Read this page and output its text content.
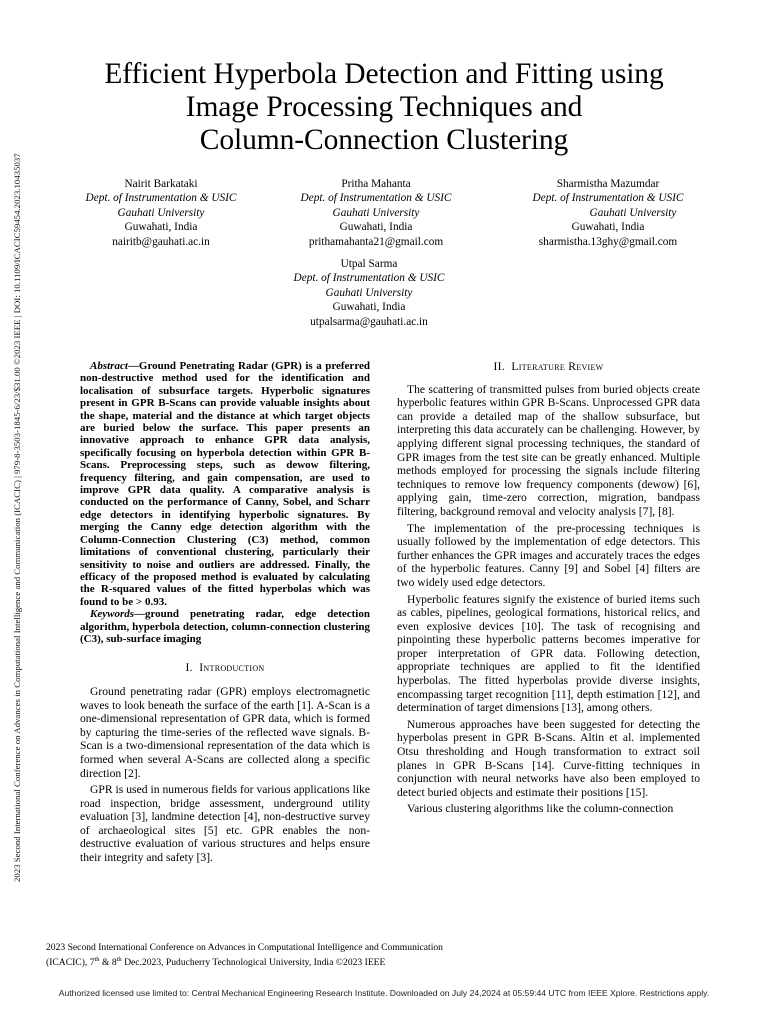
2023 Second International Conference on Advances in Computational Intelligence and Communication (ICACIC) | 979-8-3503-1845-6/23/$31.00 ©2023 IEEE | DOI: 10.1109/ICACIC59454.2023.10435037
Efficient Hyperbola Detection and Fitting using
Image Processing Techniques and
Column-Connection Clustering
Nairit Barkataki
Dept. of Instrumentation & USIC
Gauhati University
Guwahati, India
nairitb@gauhati.ac.in
Pritha Mahanta
Dept. of Instrumentation & USIC
Gauhati University
Guwahati, India
prithamahanta21@gmail.com
Sharmistha Mazumdar
Dept. of Instrumentation & USIC
Gauhati University
Guwahati, India
sharmistha.13ghy@gmail.com
Utpal Sarma
Dept. of Instrumentation & USIC
Gauhati University
Guwahati, India
utpalsarma@gauhati.ac.in

Abstract—Ground Penetrating Radar (GPR) is a preferred non-destructive method used for the identification and localisation of subsurface targets. Hyperbolic signatures present in GPR B-Scans can provide valuable insights about the shape, material and the distance at which target objects are buried below the surface. This paper presents an innovative approach to enhance GPR data analysis, specifically focusing on hyperbola detection within GPR B-Scans. Preprocessing steps, such as dewow filtering, frequency filtering, and gain compensation, are used to improve GPR data quality. A comparative analysis is conducted on the performance of Canny, Sobel, and Scharr edge detectors in identifying hyperbolic signatures. By merging the Canny edge detection algorithm with the Column-Connection Clustering (C3) method, common limitations of conventional clustering, particularly their sensitivity to noise and outliers are addressed. Finally, the efficacy of the proposed method is evaluated by calculating the R-squared values of the fitted hyperbolas which was found to be > 0.93.

Keywords—ground penetrating radar, edge detection algorithm, hyperbola detection, column-connection clustering (C3), sub-surface imaging

I. Introduction

Ground penetrating radar (GPR) employs electromagnetic waves to look beneath the surface of the earth [1]. A-Scan is a one-dimensional representation of GPR data, which is formed by capturing the time-series of the reflected wave signals. B- Scan is a two-dimensional representation of the data which is formed when several A-Scans are collected along a specific direction [2].

GPR is used in numerous fields for various applications like road inspection, bridge assessment, underground utility evaluation [3], landmine detection [4], non-destructive survey of archaeological sites [5] etc. GPR enables the non-destructive evaluation of various structures and helps ensure their integrity and safety [3].

II. Literature Review

The scattering of transmitted pulses from buried objects create hyperbolic features within GPR B-Scans. Unprocessed GPR data can provide a detailed map of the shallow subsurface, but interpreting this data accurately can be challenging. However, by applying different signal processing techniques, the standard of GPR images from the test site can be greatly enhanced. Multiple methods employed for processing the signals include filtering techniques to remove low frequency components (dewow) [6], applying gain, time-zero correction, migration, bandpass filtering, background removal and velocity analysis [7], [8].

The implementation of the pre-processing techniques is usually followed by the implementation of edge detectors. This further enhances the GPR images and accurately traces the edges of the hyperbolic features. Canny [9] and Sobel [4] filters are two widely used edge detectors.

Hyperbolic features signify the existence of buried items such as cables, pipelines, geological formations, historical relics, and even explosive devices [10]. The task of recognising and pinpointing these hyperbolic patterns becomes imperative for proper interpretation of GPR data. Following detection, appropriate techniques are applied to fit the identified hyperbolas. The fitted hyperbolas provide diverse insights, encompassing target recognition [11], depth estimation [12], and determination of target dimensions [13], among others.

Numerous approaches have been suggested for detecting the hyperbolas present in GPR B-Scans. Altin et al. implemented Otsu thresholding and Hough transformation to extract soil planes in GPR B-Scans [14]. Curve-fitting techniques in conjunction with neural networks have also been employed to detect buried objects and estimate their positions [15].

Various clustering algorithms like the column-connection

2023 Second International Conference on Advances in Computational Intelligence and Communication
(ICACIC), 7th & 8th Dec.2023, Puducherry Technological University, India ©2023 IEEE
Authorized licensed use limited to: Central Mechanical Engineering Research Institute. Downloaded on July 24,2024 at 05:59:44 UTC from IEEE Xplore. Restrictions apply.
